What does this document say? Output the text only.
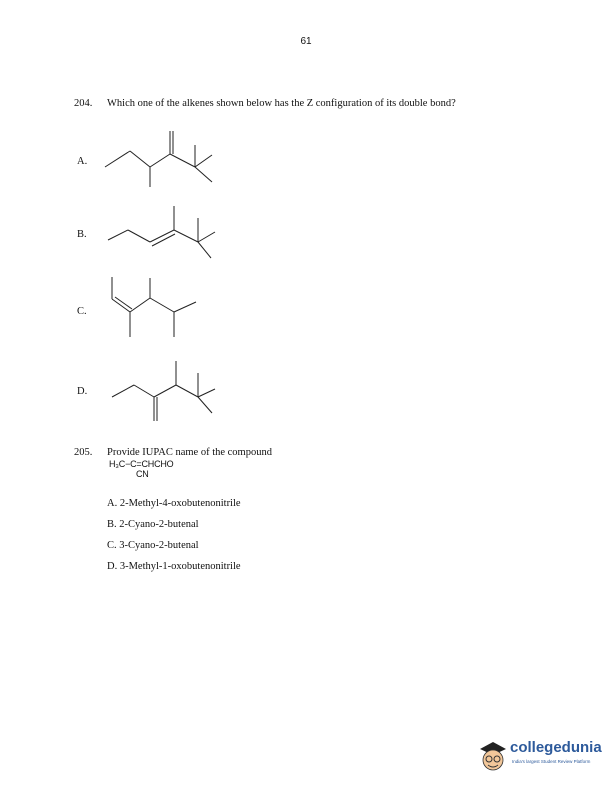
61
204. Which one of the alkenes shown below has the Z configuration of its double bond?
A.
B.
C.
D.
205. Provide IUPAC name of the compound
H₃C−C=CHCHO
CN
A. 2-Methyl-4-oxobutenonitrile
B. 2-Cyano-2-butenal
C. 3-Cyano-2-butenal
D. 3-Methyl-1-oxobutenonitrile
collegedunia
India's largest Student Review Platform
